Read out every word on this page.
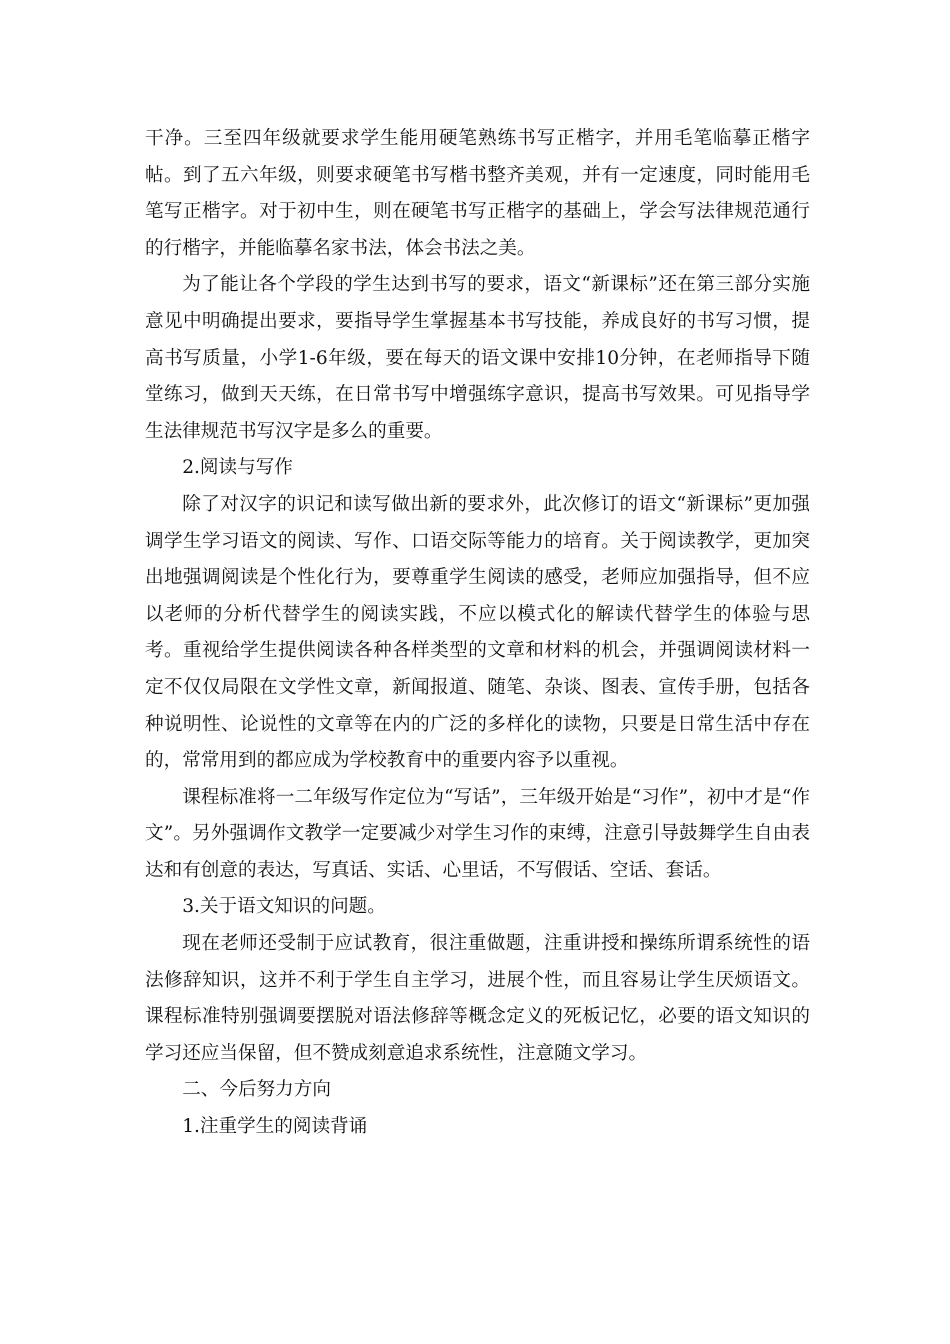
干净。三至四年级就要求学生能用硬笔熟练书写正楷字，并用毛笔临摹正楷字帖。到了五六年级，则要求硬笔书写楷书整齐美观，并有一定速度，同时能用毛笔写正楷字。对于初中生，则在硬笔书写正楷字的基础上，学会写法律规范通行的行楷字，并能临摹名家书法，体会书法之美。

为了能让各个学段的学生达到书写的要求，语文“新课标”还在第三部分实施意见中明确提出要求，要指导学生掌握基本书写技能，养成良好的书写习惯，提高书写质量，小学1-6年级，要在每天的语文课中安排10分钟，在老师指导下随堂练习，做到天天练，在日常书写中增强练字意识，提高书写效果。可见指导学生法律规范书写汉字是多么的重要。

2.阅读与写作

除了对汉字的识记和读写做出新的要求外，此次修订的语文“新课标”更加强调学生学习语文的阅读、写作、口语交际等能力的培育。关于阅读教学，更加突出地强调阅读是个性化行为，要尊重学生阅读的感受，老师应加强指导，但不应以老师的分析代替学生的阅读实践，不应以模式化的解读代替学生的体验与思考。重视给学生提供阅读各种各样类型的文章和材料的机会，并强调阅读材料一定不仅仅局限在文学性文章，新闻报道、随笔、杂谈、图表、宣传手册，包括各种说明性、论说性的文章等在内的广泛的多样化的读物，只要是日常生活中存在的，常常用到的都应成为学校教育中的重要内容予以重视。

课程标准将一二年级写作定位为“写话”，三年级开始是“习作”，初中才是“作文”。另外强调作文教学一定要减少对学生习作的束缚，注意引导鼓舞学生自由表达和有创意的表达，写真话、实话、心里话，不写假话、空话、套话。

3.关于语文知识的问题。

现在老师还受制于应试教育，很注重做题，注重讲授和操练所谓系统性的语法修辞知识，这并不利于学生自主学习，进展个性，而且容易让学生厌烦语文。课程标准特别强调要摆脱对语法修辞等概念定义的死板记忆，必要的语文知识的学习还应当保留，但不赞成刻意追求系统性，注意随文学习。

二、今后努力方向

1.注重学生的阅读背诵
